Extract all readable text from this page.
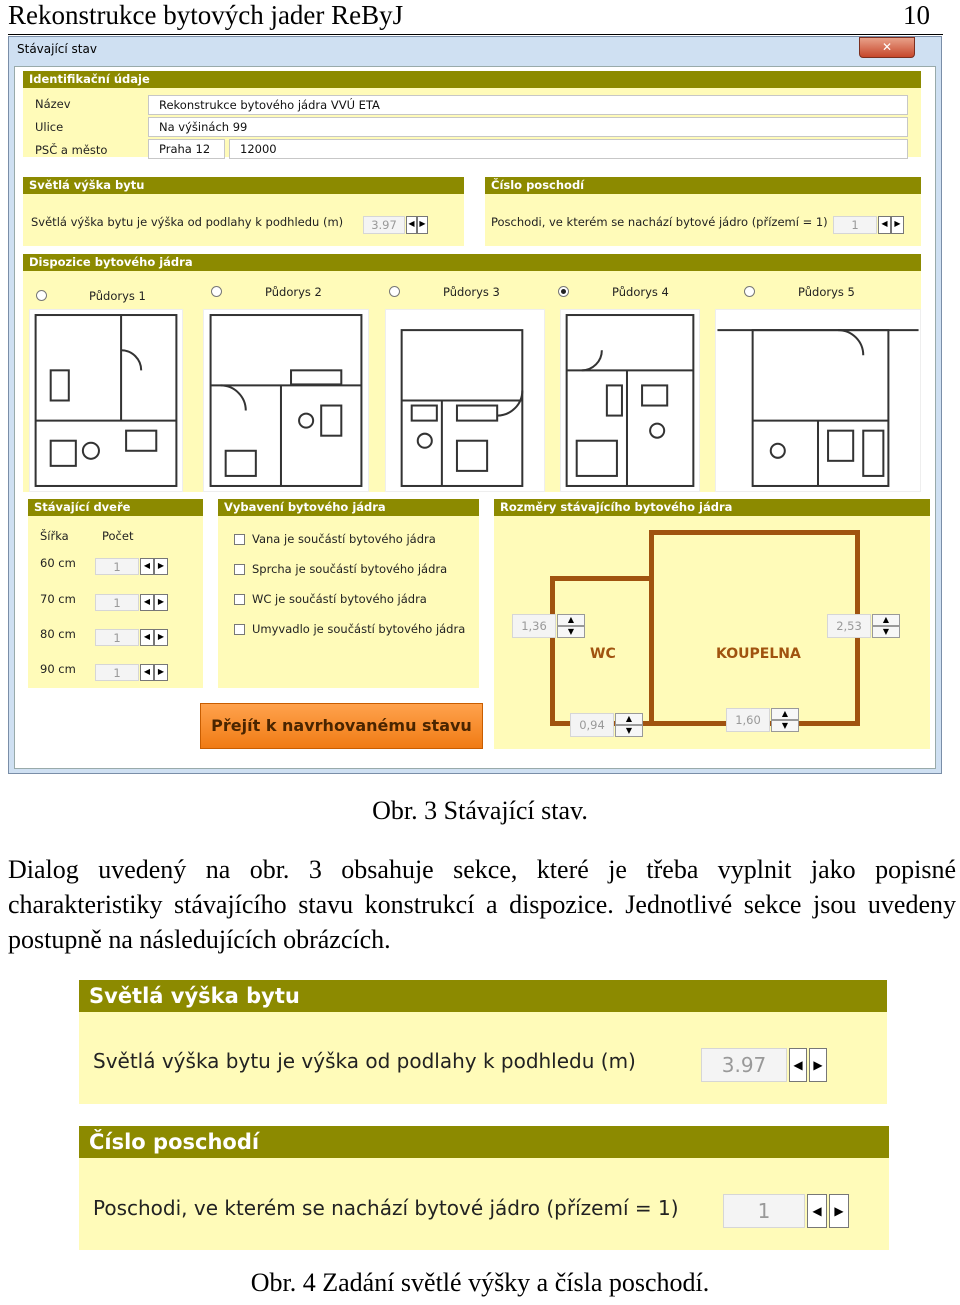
Rekonstrukce bytových jader ReByJ	10
Stávající stav	✕
Identifikační údaje
Název	Rekonstrukce bytového jádra VVÚ ETA
Ulice	Na výšinách 99
PSČ a město	Praha 12	12000
Světlá výška bytu
Světlá výška bytu je výška od podlahy k podhledu (m)	3.97	◀ ▶
Číslo poschodí
Poschodi, ve kterém se nachází bytové jádro (přízemí = 1)	1	◀ ▶
Dispozice bytového jádra
Půdorys 1	Půdorys 2	Půdorys 3	Půdorys 4	Půdorys 5
Stávající dveře
Šířka	Počet
60 cm	1	◀ ▶
70 cm	1	◀ ▶
80 cm	1	◀ ▶
90 cm	1	◀ ▶
Vybavení bytového jádra
Vana je součástí bytového jádra
Sprcha je součástí bytového jádra
WC je součástí bytového jádra
Umyvadlo je součástí bytového jádra
Rozměry stávajícího bytového jádra
WC	KOUPELNA
1,36	▲
▼
0,94	▲
▼
2,53	▲
▼
1,60	▲
▼
Přejít k navrhovanému stavu
Obr. 3 Stávající stav.
Dialog uvedený na obr. 3 obsahuje sekce, které je třeba vyplnit jako popisné charakteristiky stávajícího stavu konstrukcí a dispozice. Jednotlivé sekce jsou uvedeny postupně na následujících obrázcích.
Světlá výška bytu
Světlá výška bytu je výška od podlahy k podhledu (m)	3.97	◀ ▶
Číslo poschodí
Poschodi, ve kterém se nachází bytové jádro (přízemí = 1)	1	◀	▶
Obr. 4 Zadání světlé výšky a čísla poschodí.
